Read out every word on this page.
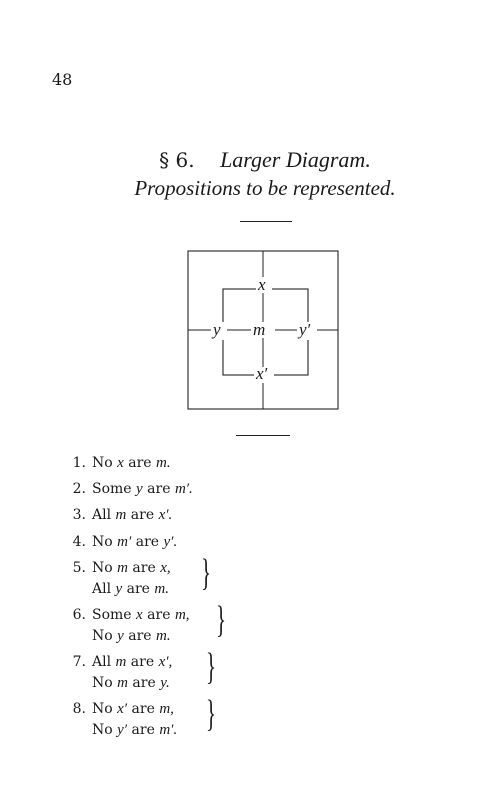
48
§ 6. Larger Diagram.
Propositions to be represented.
x
y m y′
x′
1. No x are m.
2. Some y are m′.
3. All m are x′.
4. No m′ are y′.
5. No m are x,
All y are m. }
6. Some x are m,
No y are m. }
7. All m are x′,
No m are y. }
8. No x′ are m,
No y′ are m′. }
